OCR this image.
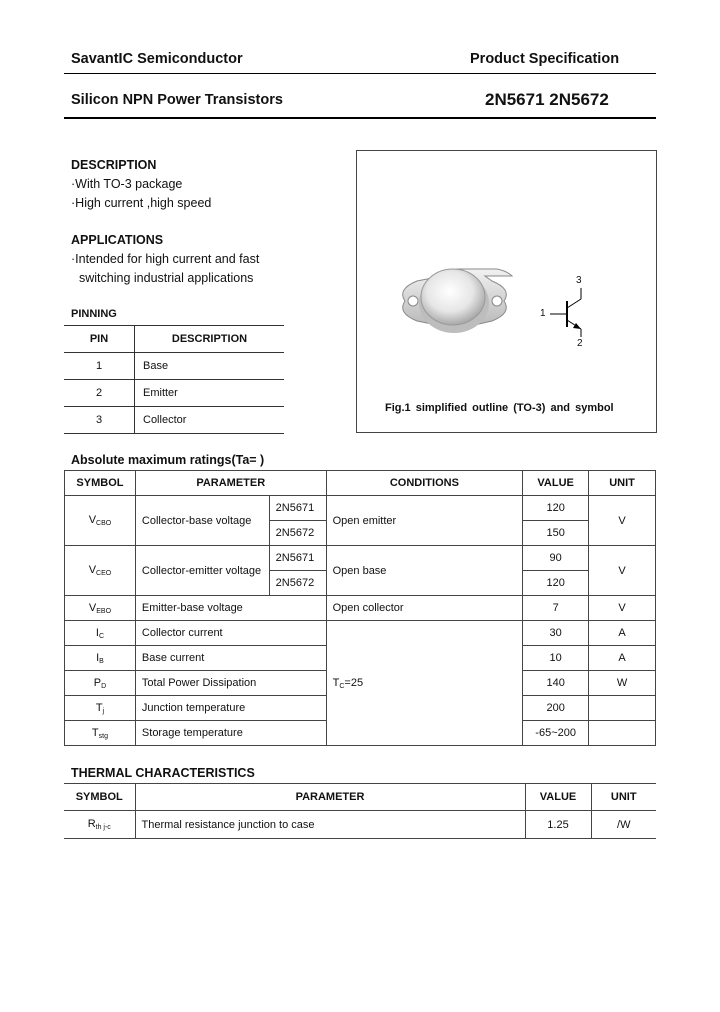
SavantIC Semiconductor	Product Specification
Silicon NPN Power Transistors	2N5671 2N5672
DESCRIPTION
·With TO-3 package
·High current ,high speed
APPLICATIONS
·Intended for high current and fast
switching industrial applications
PINNING
PIN	DESCRIPTION
1	Base
2	Emitter
3	Collector
1
2
3
Fig.1 simplified outline (TO-3) and symbol
Absolute maximum ratings(Ta= )
SYMBOL	PARAMETER		CONDITIONS	VALUE	UNIT
$V_{CBO}$	Collector-base voltage	2N5671	Open emitter	120	V
		2N5672		150	
$V_{CEO}$	Collector-emitter voltage	2N5671	Open base	90	V
		2N5672		120	
$V_{EBO}$	Emitter-base voltage		Open collector	7	V
$I_C$	Collector current		$T_C=25$	30	A
$I_B$	Base current			10	A
$P_D$	Total Power Dissipation			140	W
$T_j$	Junction temperature			200	
$T_{stg}$	Storage temperature			-65~200	
THERMAL CHARACTERISTICS
SYMBOL	PARAMETER	VALUE	UNIT
$R_{th j-c}$	Thermal resistance junction to case	1.25	/W
